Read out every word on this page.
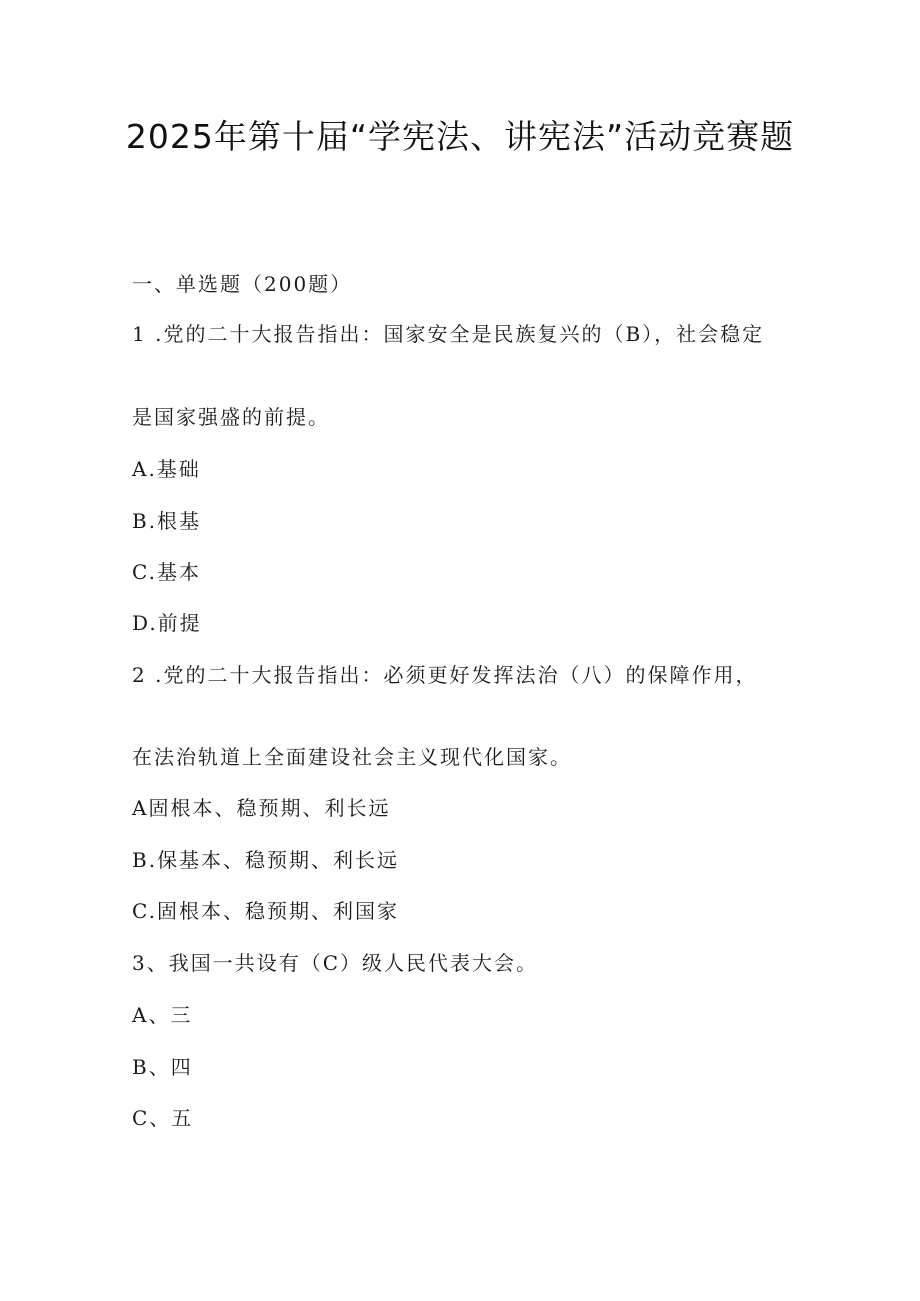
2025年第十届“学宪法、讲宪法”活动竞赛题
一、单选题（200题）
1 .党的二十大报告指出：国家安全是民族复兴的（B），社会稳定
是国家强盛的前提。
A.基础
B.根基
C.基本
D.前提
2 .党的二十大报告指出：必须更好发挥法治（八）的保障作用，
在法治轨道上全面建设社会主义现代化国家。
A固根本、稳预期、利长远
B.保基本、稳预期、利长远
C.固根本、稳预期、利国家
3、我国一共设有（C）级人民代表大会。
A、三
B、四
C、五
